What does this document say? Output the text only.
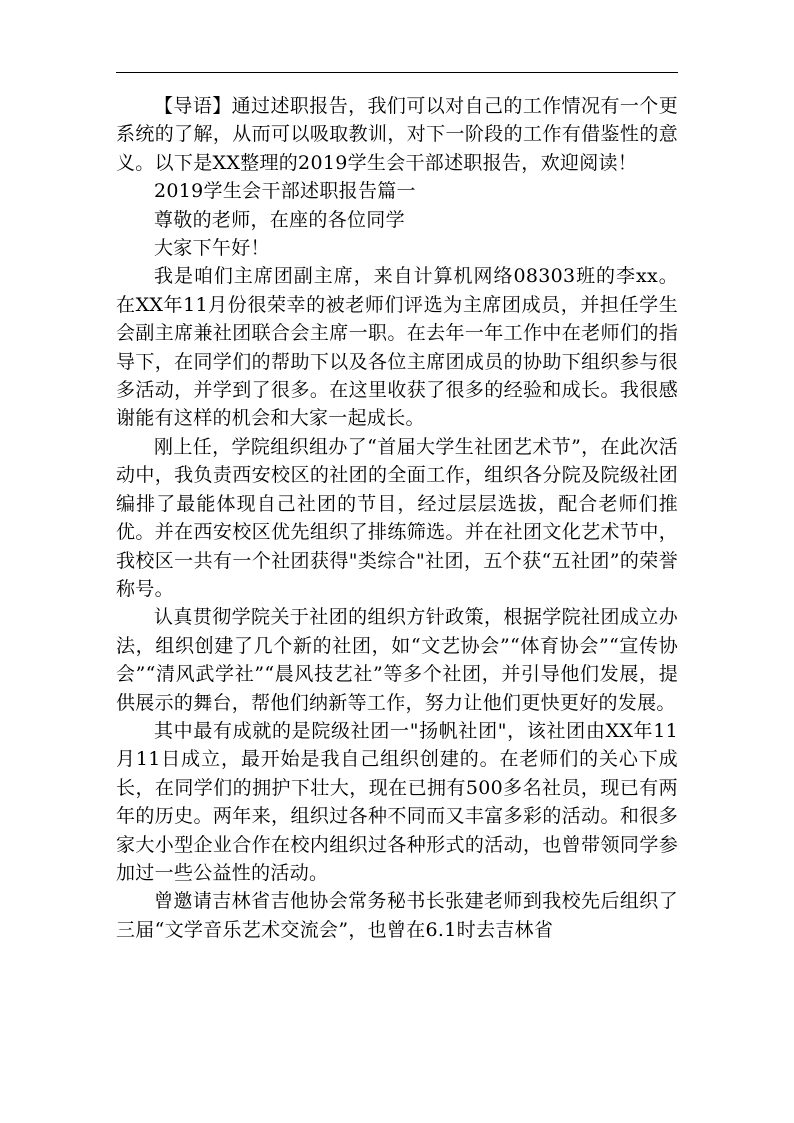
【导语】通过述职报告，我们可以对自己的工作情况有一个更系统的了解，从而可以吸取教训，对下一阶段的工作有借鉴性的意义。以下是XX整理的2019学生会干部述职报告，欢迎阅读！

2019学生会干部述职报告篇一

尊敬的老师，在座的各位同学

大家下午好！

我是咱们主席团副主席，来自计算机网络08303班的李xx。在XX年11月份很荣幸的被老师们评选为主席团成员，并担任学生会副主席兼社团联合会主席一职。在去年一年工作中在老师们的指导下，在同学们的帮助下以及各位主席团成员的协助下组织参与很多活动，并学到了很多。在这里收获了很多的经验和成长。我很感谢能有这样的机会和大家一起成长。

刚上任，学院组织组办了“首届大学生社团艺术节”，在此次活动中，我负责西安校区的社团的全面工作，组织各分院及院级社团编排了最能体现自己社团的节目，经过层层选拔，配合老师们推优。并在西安校区优先组织了排练筛选。并在社团文化艺术节中，我校区一共有一个社团获得"类综合"社团，五个获“五社团”的荣誉称号。

认真贯彻学院关于社团的组织方针政策，根据学院社团成立办法，组织创建了几个新的社团，如“文艺协会”“体育协会”“宣传协会”“清风武学社”“晨风技艺社”等多个社团，并引导他们发展，提供展示的舞台，帮他们纳新等工作，努力让他们更快更好的发展。

其中最有成就的是院级社团一"扬帆社团"，该社团由XX年11月11日成立，最开始是我自己组织创建的。在老师们的关心下成长，在同学们的拥护下壮大，现在已拥有500多名社员，现已有两年的历史。两年来，组织过各种不同而又丰富多彩的活动。和很多家大小型企业合作在校内组织过各种形式的活动，也曾带领同学参加过一些公益性的活动。

曾邀请吉林省吉他协会常务秘书长张建老师到我校先后组织了三届“文学音乐艺术交流会”，也曾在6.1时去吉林省
